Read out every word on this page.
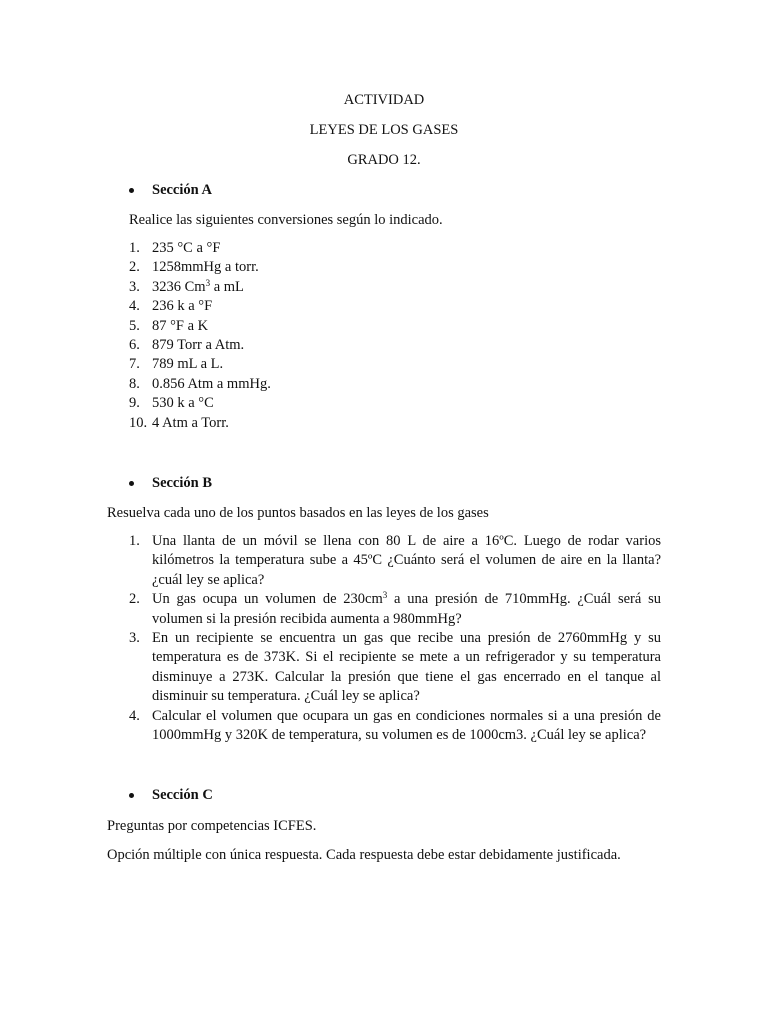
ACTIVIDAD
LEYES DE LOS GASES
GRADO 12.
Sección A
Realice las siguientes conversiones según lo indicado.
1. 235 °C a °F
2. 1258mmHg a torr.
3. 3236 Cm$^3$ a mL
4. 236 k a °F
5. 87 °F a K
6. 879 Torr a Atm.
7. 789 mL a L.
8. 0.856 Atm a mmHg.
9. 530 k a °C
10. 4 Atm a Torr.
Sección B
Resuelva cada uno de los puntos basados en las leyes de los gases
1. Una llanta de un móvil se llena con 80 L de aire a 16ºC. Luego de rodar varios kilómetros la temperatura sube a 45ºC ¿Cuánto será el volumen de aire en la llanta? ¿cuál ley se aplica?
2. Un gas ocupa un volumen de $230cm^3$ a una presión de 710mmHg. ¿Cuál será su volumen si la presión recibida aumenta a 980mmHg?
3. En un recipiente se encuentra un gas que recibe una presión de 2760mmHg y su temperatura es de 373K. Si el recipiente se mete a un refrigerador y su temperatura disminuye a 273K. Calcular la presión que tiene el gas encerrado en el tanque al disminuir su temperatura. ¿Cuál ley se aplica?
4. Calcular el volumen que ocupara un gas en condiciones normales si a una presión de 1000mmHg y 320K de temperatura, su volumen es de 1000cm3. ¿Cuál ley se aplica?
Sección C
Preguntas por competencias ICFES.
Opción múltiple con única respuesta. Cada respuesta debe estar debidamente justificada.
